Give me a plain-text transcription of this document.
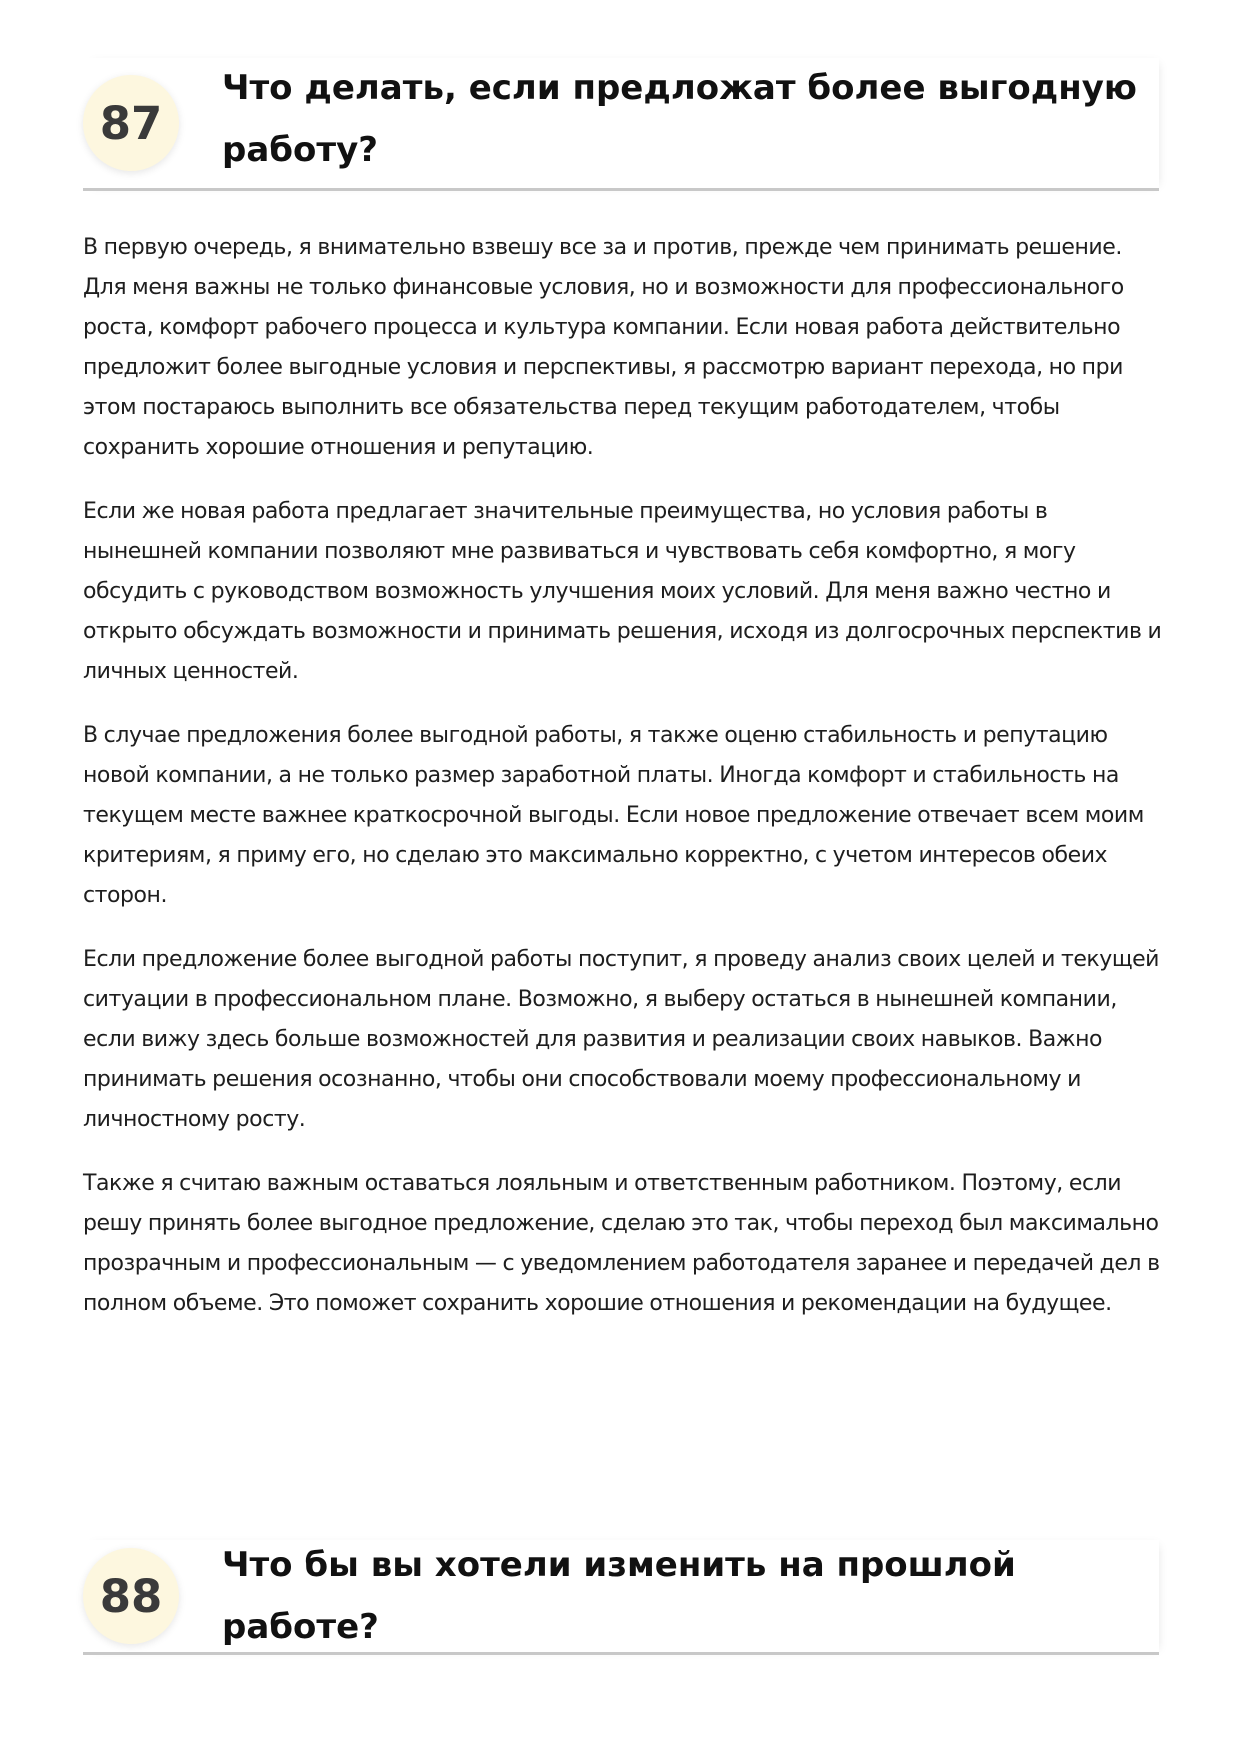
87
Что делать, если предложат более выгодную работу?

В первую очередь, я внимательно взвешу все за и против, прежде чем принимать решение. Для меня важны не только финансовые условия, но и возможности для профессионального роста, комфорт рабочего процесса и культура компании. Если новая работа действительно предложит более выгодные условия и перспективы, я рассмотрю вариант перехода, но при этом постараюсь выполнить все обязательства перед текущим работодателем, чтобы сохранить хорошие отношения и репутацию.

Если же новая работа предлагает значительные преимущества, но условия работы в нынешней компании позволяют мне развиваться и чувствовать себя комфортно, я могу обсудить с руководством возможность улучшения моих условий. Для меня важно честно и открыто обсуждать возможности и принимать решения, исходя из долгосрочных перспектив и личных ценностей.

В случае предложения более выгодной работы, я также оценю стабильность и репутацию новой компании, а не только размер заработной платы. Иногда комфорт и стабильность на текущем месте важнее краткосрочной выгоды. Если новое предложение отвечает всем моим критериям, я приму его, но сделаю это максимально корректно, с учетом интересов обеих сторон.

Если предложение более выгодной работы поступит, я проведу анализ своих целей и текущей ситуации в профессиональном плане. Возможно, я выберу остаться в нынешней компании, если вижу здесь больше возможностей для развития и реализации своих навыков. Важно принимать решения осознанно, чтобы они способствовали моему профессиональному и личностному росту.

Также я считаю важным оставаться лояльным и ответственным работником. Поэтому, если решу принять более выгодное предложение, сделаю это так, чтобы переход был максимально прозрачным и профессиональным — с уведомлением работодателя заранее и передачей дел в полном объеме. Это поможет сохранить хорошие отношения и рекомендации на будущее.

88
Что бы вы хотели изменить на прошлой работе?
